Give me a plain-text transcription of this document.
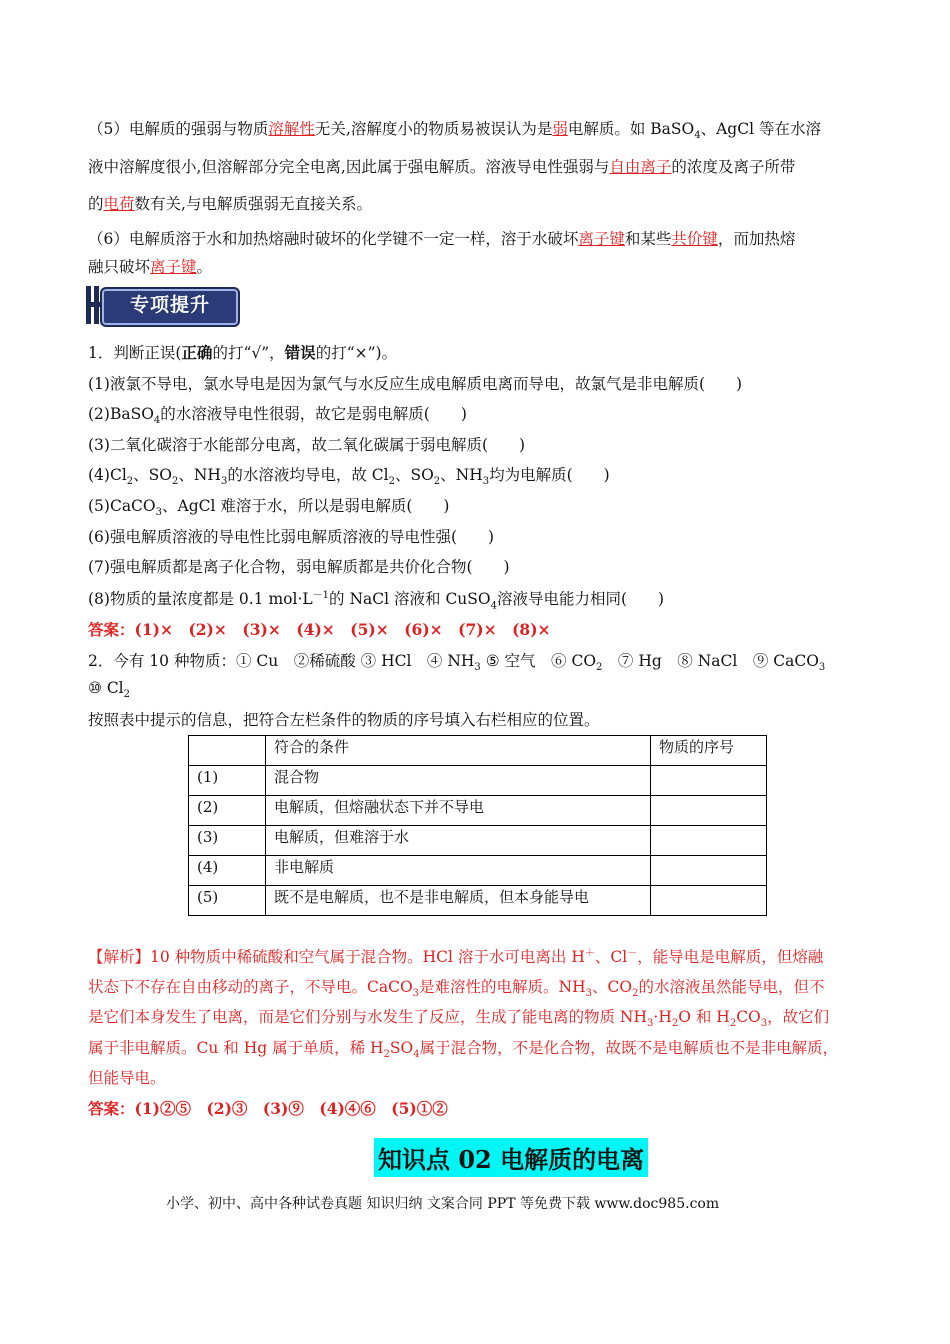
（5）电解质的强弱与物质溶解性无关,溶解度小的物质易被误认为是弱电解质。如 BaSO$_4$、AgCl 等在水溶
液中溶解度很小,但溶解部分完全电离,因此属于强电解质。溶液导电性强弱与自由离子的浓度及离子所带
的电荷数有关,与电解质强弱无直接关系。
（6）电解质溶于水和加热熔融时破坏的化学键不一定一样，溶于水破坏离子键和某些共价键，而加热熔
融只破坏离子键。
专项提升
1．判断正误(正确的打“√”，错误的打“×”)。
(1)液氯不导电，氯水导电是因为氯气与水反应生成电解质电离而导电，故氯气是非电解质(　　)
(2)BaSO$_4$的水溶液导电性很弱，故它是弱电解质(　　)
(3)二氧化碳溶于水能部分电离，故二氧化碳属于弱电解质(　　)
$(4)Cl_2$、$SO_2$、$NH_3$的水溶液均导电，故 $Cl_2$、$SO_2$、$NH_3$均为电解质(　　)
(5)CaCO$_3$、AgCl 难溶于水，所以是弱电解质(　　)
(6)强电解质溶液的导电性比弱电解质溶液的导电性强(　　)
(7)强电解质都是离子化合物，弱电解质都是共价化合物(　　)
(8)物质的量浓度都是 0.1 $mol\cdot L^{-1}$的 NaCl 溶液和 CuSO$_4$溶液导电能力相同(　　)
答案：(1)×　(2)×　(3)×　(4)×　(5)×　(6)×　(7)×　(8)×
2．今有 10 种物质：① Cu　②稀硫酸 ③ HCl　④ $NH_3$ ⑤ 空气　⑥ $CO_2$　⑦ Hg　⑧ NaCl　⑨ CaCO$_3$
⑩ $Cl_2$
按照表中提示的信息，把符合左栏条件的物质的序号填入右栏相应的位置。
	符合的条件	物质的序号
(1)	混合物	
(2)	电解质，但熔融状态下并不导电	
(3)	电解质，但难溶于水	
(4)	非电解质	
(5)	既不是电解质，也不是非电解质，但本身能导电	
【解析】10 种物质中稀硫酸和空气属于混合物。HCl 溶于水可电离出 H＋、Cl－，能导电是电解质，但熔融
状态下不存在自由移动的离子，不导电。CaCO$_3$是难溶性的电解质。$NH_3$、$CO_2$的水溶液虽然能导电，但不
是它们本身发生了电离，而是它们分别与水发生了反应，生成了能电离的物质 $NH_3\cdot H_2O$ 和 $H_2CO_3$，故它们
属于非电解质。Cu 和 Hg 属于单质，稀 $H_2SO_4$属于混合物，不是化合物，故既不是电解质也不是非电解质，
但能导电。
答案：(1)②⑤　(2)③　(3)⑨　(4)④⑥　(5)①②
知识点 02 电解质的电离
小学、初中、高中各种试卷真题 知识归纳 文案合同 PPT 等免费下载 www.doc985.com
